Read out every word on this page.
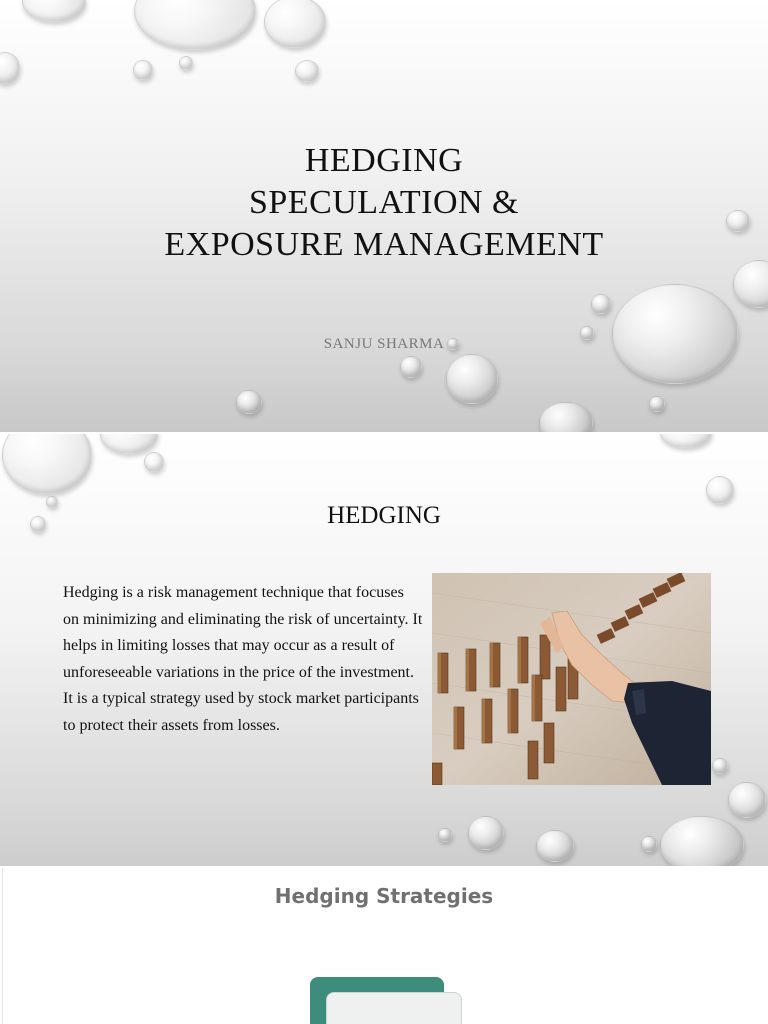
HEDGING
SPECULATION &
EXPOSURE MANAGEMENT
SANJU SHARMA
HEDGING
Hedging is a risk management technique that focuses on minimizing and eliminating the risk of uncertainty. It helps in limiting losses that may occur as a result of unforeseeable variations in the price of the investment. It is a typical strategy used by stock market participants to protect their assets from losses.
Hedging Strategies
